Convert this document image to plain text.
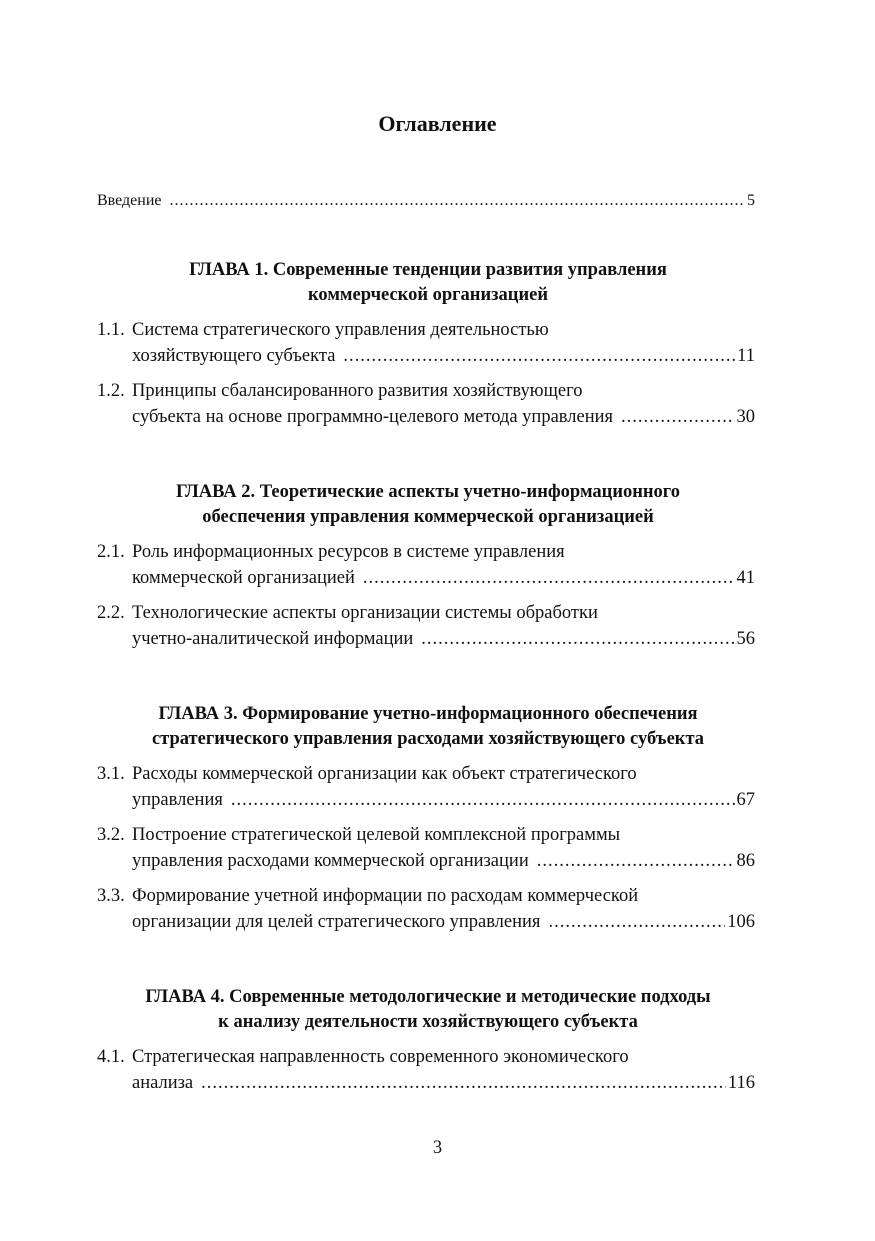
Оглавление
Введение .....	5
ГЛАВА 1. Современные тенденции развития управления
коммерческой организацией
1.1. Система стратегического управления деятельностью
хозяйствующего субъекта .....	11
1.2. Принципы сбалансированного развития хозяйствующего
субъекта на основе программно-целевого метода управления .....	30
ГЛАВА 2. Теоретические аспекты учетно-информационного
обеспечения управления коммерческой организацией
2.1. Роль информационных ресурсов в системе управления
коммерческой организацией .....	41
2.2. Технологические аспекты организации системы обработки
учетно-аналитической информации .....	56
ГЛАВА 3. Формирование учетно-информационного обеспечения
стратегического управления расходами хозяйствующего субъекта
3.1. Расходы коммерческой организации как объект стратегического
управления .....	67
3.2. Построение стратегической целевой комплексной программы
управления расходами коммерческой организации .....	86
3.3. Формирование учетной информации по расходам коммерческой
организации для целей стратегического управления .....	106
ГЛАВА 4. Современные методологические и методические подходы
к анализу деятельности хозяйствующего субъекта
4.1. Стратегическая направленность современного экономического
анализа .....	116
3
